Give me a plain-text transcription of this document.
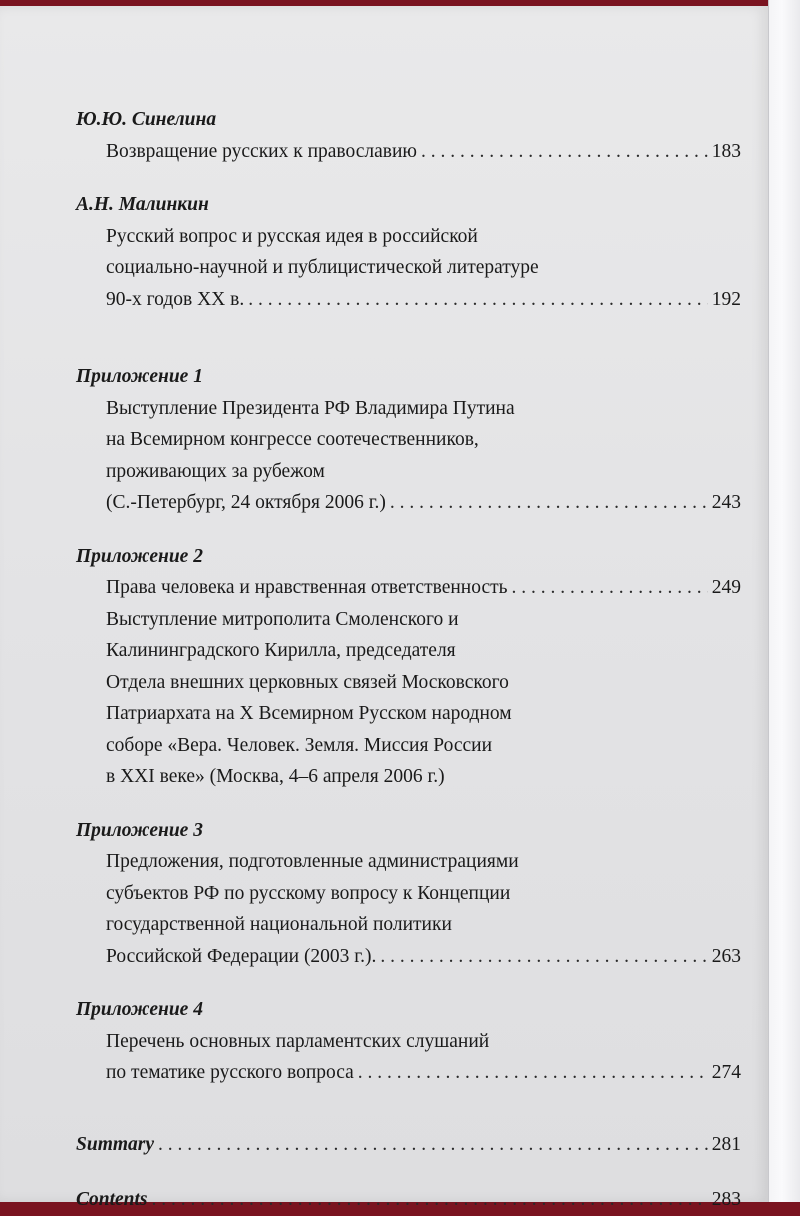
Ю.Ю. Синелина
Возвращение русских к православию . . .	183
А.Н. Малинкин
Русский вопрос и русская идея в российской
социально-научной и публицистической литературе
90-х годов XX в. . . .	192
Приложение 1
Выступление Президента РФ Владимира Путина
на Всемирном конгрессе соотечественников,
проживающих за рубежом
(С.-Петербург, 24 октября 2006 г.) . . .	243
Приложение 2
Права человека и нравственная ответственность . . .	249
Выступление митрополита Смоленского и
Калининградского Кирилла, председателя
Отдела внешних церковных связей Московского
Патриархата на X Всемирном Русском народном
соборе «Вера. Человек. Земля. Миссия России
в XXI веке» (Москва, 4–6 апреля 2006 г.)
Приложение 3
Предложения, подготовленные администрациями
субъектов РФ по русскому вопросу к Концепции
государственной национальной политики
Российской Федерации (2003 г.). . . .	263
Приложение 4
Перечень основных парламентских слушаний
по тематике русского вопроса . . .	274
Summary . . .	281
Contents . . .	283
